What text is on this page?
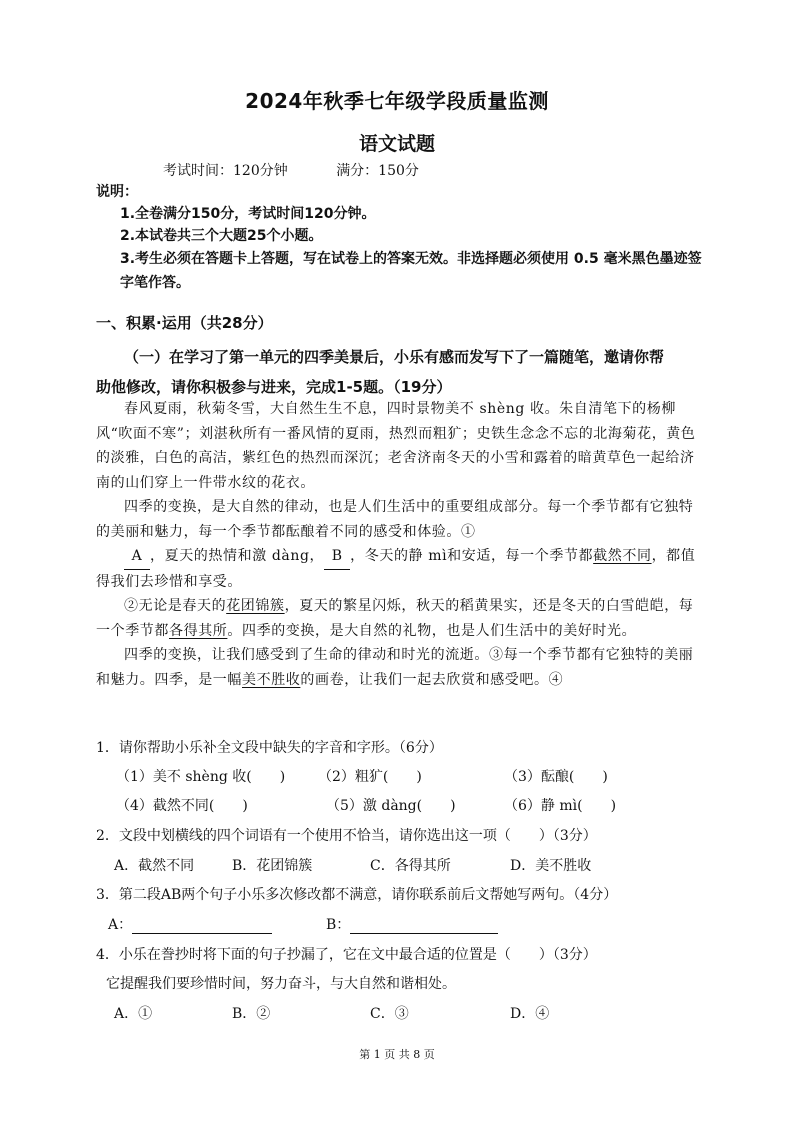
2024年秋季七年级学段质量监测
语文试题
考试时间：120分钟	满分：150分

说明：

1.全卷满分150分，考试时间120分钟。

2.本试卷共三个大题25个小题。

3.考生必须在答题卡上答题，写在试卷上的答案无效。非选择题必须使用 0.5 毫米黑色墨迹签字笔作答。

一、积累·运用（共28分）
（一）在学习了第一单元的四季美景后，小乐有感而发写下了一篇随笔，邀请你帮
助他修改，请你积极参与进来，完成1-5题。（19分）

春风夏雨，秋菊冬雪，大自然生生不息，四时景物美不 shèng 收。朱自清笔下的杨柳风“吹面不寒”；刘湛秋所有一番风情的夏雨，热烈而粗犷；史铁生念念不忘的北海菊花，黄色的淡雅，白色的高洁，紫红色的热烈而深沉；老舍济南冬天的小雪和露着的暗黄草色一起给济南的山们穿上一件带水纹的花衣。

四季的变换，是大自然的律动，也是人们生活中的重要组成部分。每一个季节都有它独特的美丽和魅力，每一个季节都酝酿着不同的感受和体验。①

A ，夏天的热情和激 dàng， B ，冬天的静 mì和安适，每一个季节都截然不同，都值得我们去珍惜和享受。

②无论是春天的花团锦簇，夏天的繁星闪烁，秋天的稻黄果实，还是冬天的白雪皑皑，每一个季节都各得其所。四季的变换，是大自然的礼物，也是人们生活中的美好时光。

四季的变换，让我们感受到了生命的律动和时光的流逝。③每一个季节都有它独特的美丽和魅力。四季，是一幅美不胜收的画卷，让我们一起去欣赏和感受吧。④

1．请你帮助小乐补全文段中缺失的字音和字形。（6分）
（1）美不 shèng 收(　　) （2）粗犷(　　)	（3）酝酿(　　)
（4）截然不同(　　)	（5）激 dàng(　　)	（6）静 mì(　　)
2．文段中划横线的四个词语有一个使用不恰当，请你选出这一项（　　）（3分）
A．截然不同	B．花团锦簇	C．各得其所	D．美不胜收
3．第二段AB两个句子小乐多次修改都不满意，请你联系前后文帮她写两句。（4分）
A：	B：
4．小乐在誊抄时将下面的句子抄漏了，它在文中最合适的位置是（　　）（3分）
它提醒我们要珍惜时间，努力奋斗，与大自然和谐相处。
A．①	B．②	C．③	D．④
第 1 页 共 8 页
